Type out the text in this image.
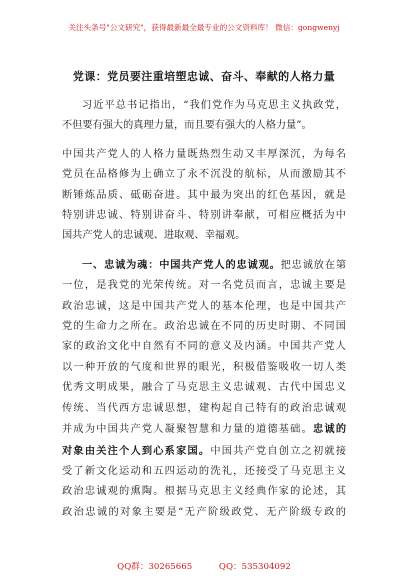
关注头条号"公文研究"，获得最新最全最专业的公文资料库！ 微信：gongwenyj
党课：党员要注重培塑忠诚、奋斗、奉献的人格力量
习近平总书记指出，“我们党作为马克思主义执政党，
不但要有强大的真理力量，而且要有强大的人格力量”。
中国共产党人的人格力量既热烈生动又丰厚深沉，为每名
党员在品格修为上确立了永不沉没的航标，从而激励其不
断锤炼品质、砥砺奋进。其中最为突出的红色基因，就是
特别讲忠诚、特别讲奋斗、特别讲奉献，可相应概括为中
国共产党人的忠诚观、进取观、幸福观。
一、忠诚为魂：中国共产党人的忠诚观。把忠诚放在第
一位，是我党的光荣传统。对一名党员而言，忠诚主要是
政治忠诚，这是中国共产党人的基本伦理，也是中国共产
党的生命力之所在。政治忠诚在不同的历史时期、不同国
家的政治文化中自然有不同的意义及内涵。中国共产党人
以一种开放的气度和世界的眼光，积极借鉴吸收一切人类
优秀文明成果，融合了马克思主义忠诚观、古代中国忠义
传统、当代西方忠诚思想，建构起自己特有的政治忠诚观
并成为中国共产党人凝聚智慧和力量的道德基础。忠诚的
对象由关注个人到心系家国。中国共产党自创立之初就接
受了新文化运动和五四运动的洗礼，还接受了马克思主义
政治忠诚观的熏陶。根据马克思主义经典作家的论述，其
政治忠诚的对象主要是“无产阶级政党、无产阶级专政的
QQ群：30265665	QQ：535304092
